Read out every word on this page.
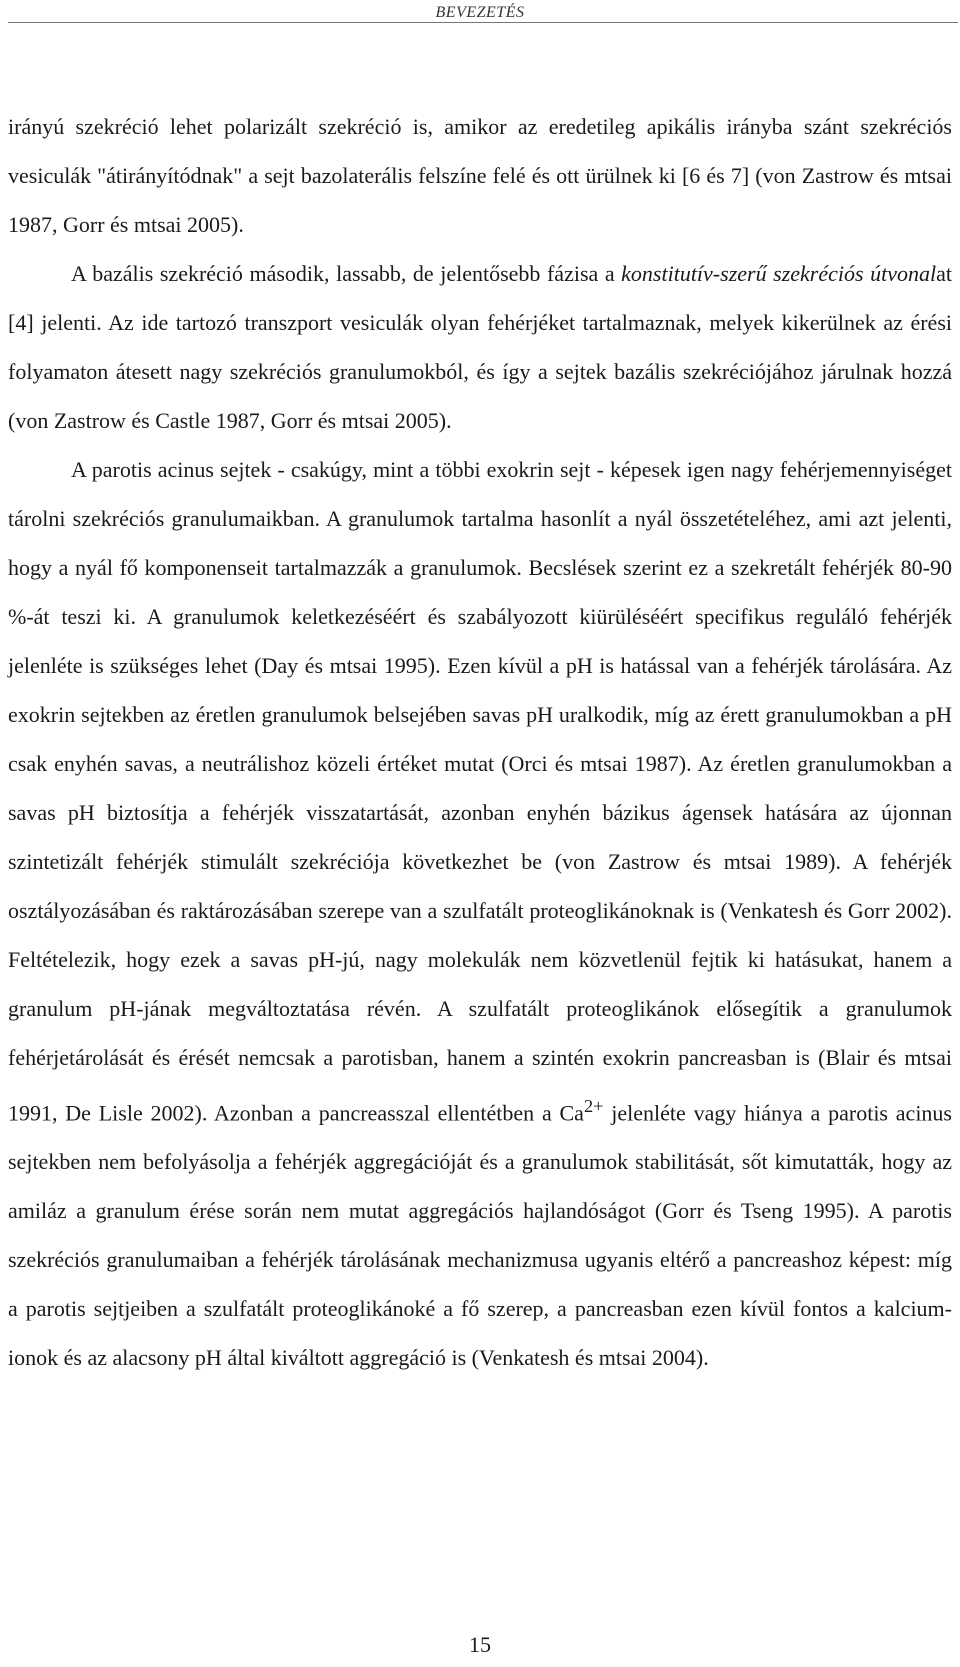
BEVEZETÉS

irányú szekréció lehet polarizált szekréció is, amikor az eredetileg apikális irányba szánt szekréciós vesiculák "átirányítódnak" a sejt bazolaterális felszíne felé és ott ürülnek ki [6 és 7] (von Zastrow és mtsai 1987, Gorr és mtsai 2005).

A bazális szekréció második, lassabb, de jelentősebb fázisa a konstitutív-szerű szekréciós útvonalat [4] jelenti. Az ide tartozó transzport vesiculák olyan fehérjéket tartalmaznak, melyek kikerülnek az érési folyamaton átesett nagy szekréciós granulumokból, és így a sejtek bazális szekréciójához járulnak hozzá (von Zastrow és Castle 1987, Gorr és mtsai 2005).

A parotis acinus sejtek - csakúgy, mint a többi exokrin sejt - képesek igen nagy fehérjemennyiséget tárolni szekréciós granulumaikban. A granulumok tartalma hasonlít a nyál összetételéhez, ami azt jelenti, hogy a nyál fő komponenseit tartalmazzák a granulumok. Becslések szerint ez a szekretált fehérjék 80-90 %-át teszi ki. A granulumok keletkezéséért és szabályozott kiürüléséért specifikus reguláló fehérjék jelenléte is szükséges lehet (Day és mtsai 1995). Ezen kívül a pH is hatással van a fehérjék tárolására. Az exokrin sejtekben az éretlen granulumok belsejében savas pH uralkodik, míg az érett granulumokban a pH csak enyhén savas, a neutrálishoz közeli értéket mutat (Orci és mtsai 1987). Az éretlen granulumokban a savas pH biztosítja a fehérjék visszatartását, azonban enyhén bázikus ágensek hatására az újonnan szintetizált fehérjék stimulált szekréciója következhet be (von Zastrow és mtsai 1989). A fehérjék osztályozásában és raktározásában szerepe van a szulfatált proteoglikánoknak is (Venkatesh és Gorr 2002). Feltételezik, hogy ezek a savas pH-jú, nagy molekulák nem közvetlenül fejtik ki hatásukat, hanem a granulum pH-jának megváltoztatása révén. A szulfatált proteoglikánok elősegítik a granulumok fehérjetárolását és érését nemcsak a parotisban, hanem a szintén exokrin pancreasban is (Blair és mtsai 1991, De Lisle 2002). Azonban a pancreasszal ellentétben a $Ca^{2+}$ jelenléte vagy hiánya a parotis acinus sejtekben nem befolyásolja a fehérjék aggregációját és a granulumok stabilitását, sőt kimutatták, hogy az amiláz a granulum érése során nem mutat aggregációs hajlandóságot (Gorr és Tseng 1995). A parotis szekréciós granulumaiban a fehérjék tárolásának mechanizmusa ugyanis eltérő a pancreashoz képest: míg a parotis sejtjeiben a szulfatált proteoglikánoké a fő szerep, a pancreasban ezen kívül fontos a kalcium-ionok és az alacsony pH által kiváltott aggregáció is (Venkatesh és mtsai 2004).

15
